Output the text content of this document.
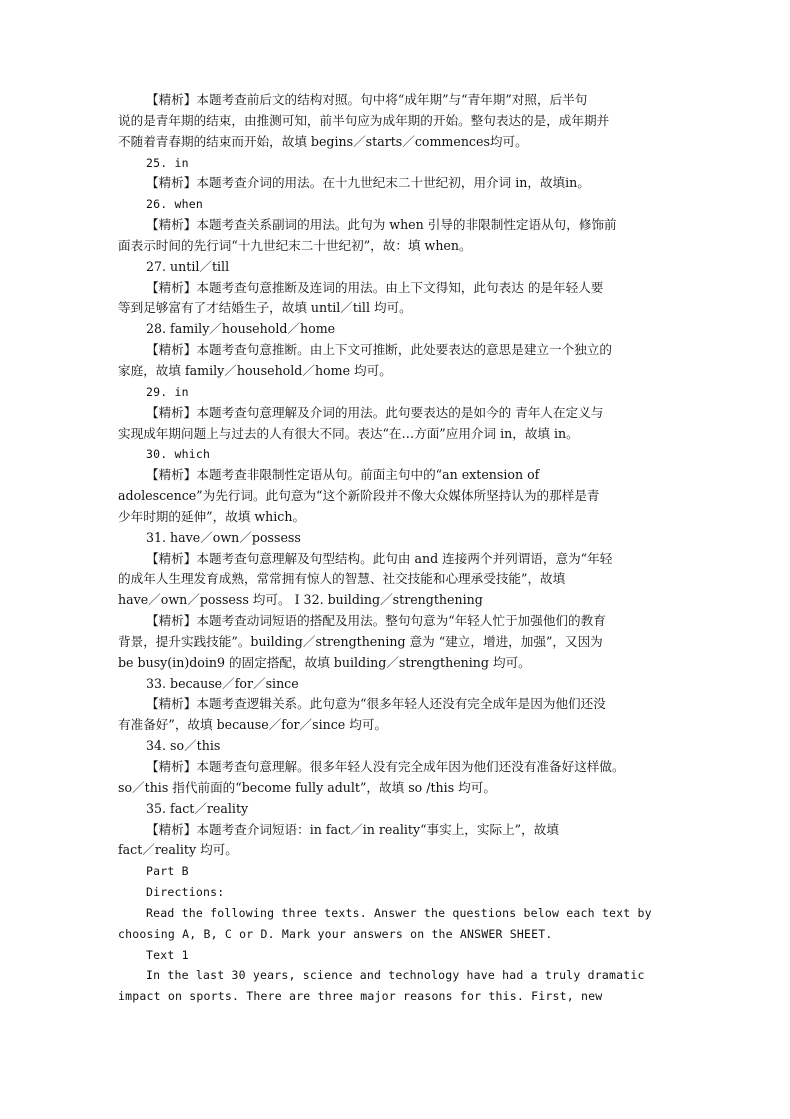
【精析】本题考查前后文的结构对照。句中将“成年期”与“青年期”对照，后半句
说的是青年期的结束，由推测可知，前半句应为成年期的开始。整句表达的是，成年期并
不随着青春期的结束而开始，故填 begins／starts／commences均可。
25. in
【精析】本题考查介词的用法。在十九世纪末二十世纪初，用介词 in，故填in。
26. when
【精析】本题考查关系副词的用法。此句为 when 引导的非限制性定语从句，修饰前
面表示时间的先行词“十九世纪末二十世纪初”，故：填 when。
27. until／till
【精析】本题考查句意推断及连词的用法。由上下文得知，此句表达 的是年轻人要
等到足够富有了才结婚生子，故填 until／till 均可。
28. family／household／home
【精析】本题考查句意推断。由上下文可推断，此处要表达的意思是建立一个独立的
家庭，故填 family／household／home 均可。
29. in
【精析】本题考查句意理解及介词的用法。此句要表达的是如今的 青年人在定义与
实现成年期问题上与过去的人有很大不同。表达“在…方面”应用介词 in，故填 in。
30. which
【精析】本题考查非限制性定语从句。前面主句中的“an extension of
adolescence”为先行词。此句意为“这个新阶段并不像大众媒体所坚持认为的那样是青
少年时期的延伸”，故填 which。
31. have／own／possess
【精析】本题考查句意理解及句型结构。此句由 and 连接两个并列谓语，意为“年轻
的成年人生理发育成熟，常常拥有惊人的智慧、社交技能和心理承受技能”，故填
have／own／possess 均可。 I 32. building／strengthening
【精析】本题考查动词短语的搭配及用法。整句句意为“年轻人忙于加强他们的教育
背景，提升实践技能”。building／strengthening 意为 “建立，增进，加强”，又因为
be busy(in)doin9 的固定搭配，故填 building／strengthening 均可。
33. because／for／since
【精析】本题考查逻辑关系。此句意为“很多年轻人还没有完全成年是因为他们还没
有准备好”，故填 because／for／since 均可。
34. so／this
【精析】本题考查句意理解。很多年轻人没有完全成年因为他们还没有准备好这样做。
so／this 指代前面的“become fully adult”，故填 so /this 均可。
35. fact／reality
【精析】本题考查介词短语：in fact／in reality“事实上，实际上”，故填
fact／reality 均可。
Part B
Directions:
Read the following three texts. Answer the questions below each text by
choosing A, B, C or D. Mark your answers on the ANSWER SHEET.
Text 1
In the last 30 years, science and technology have had a truly dramatic
impact on sports. There are three major reasons for this. First, new
